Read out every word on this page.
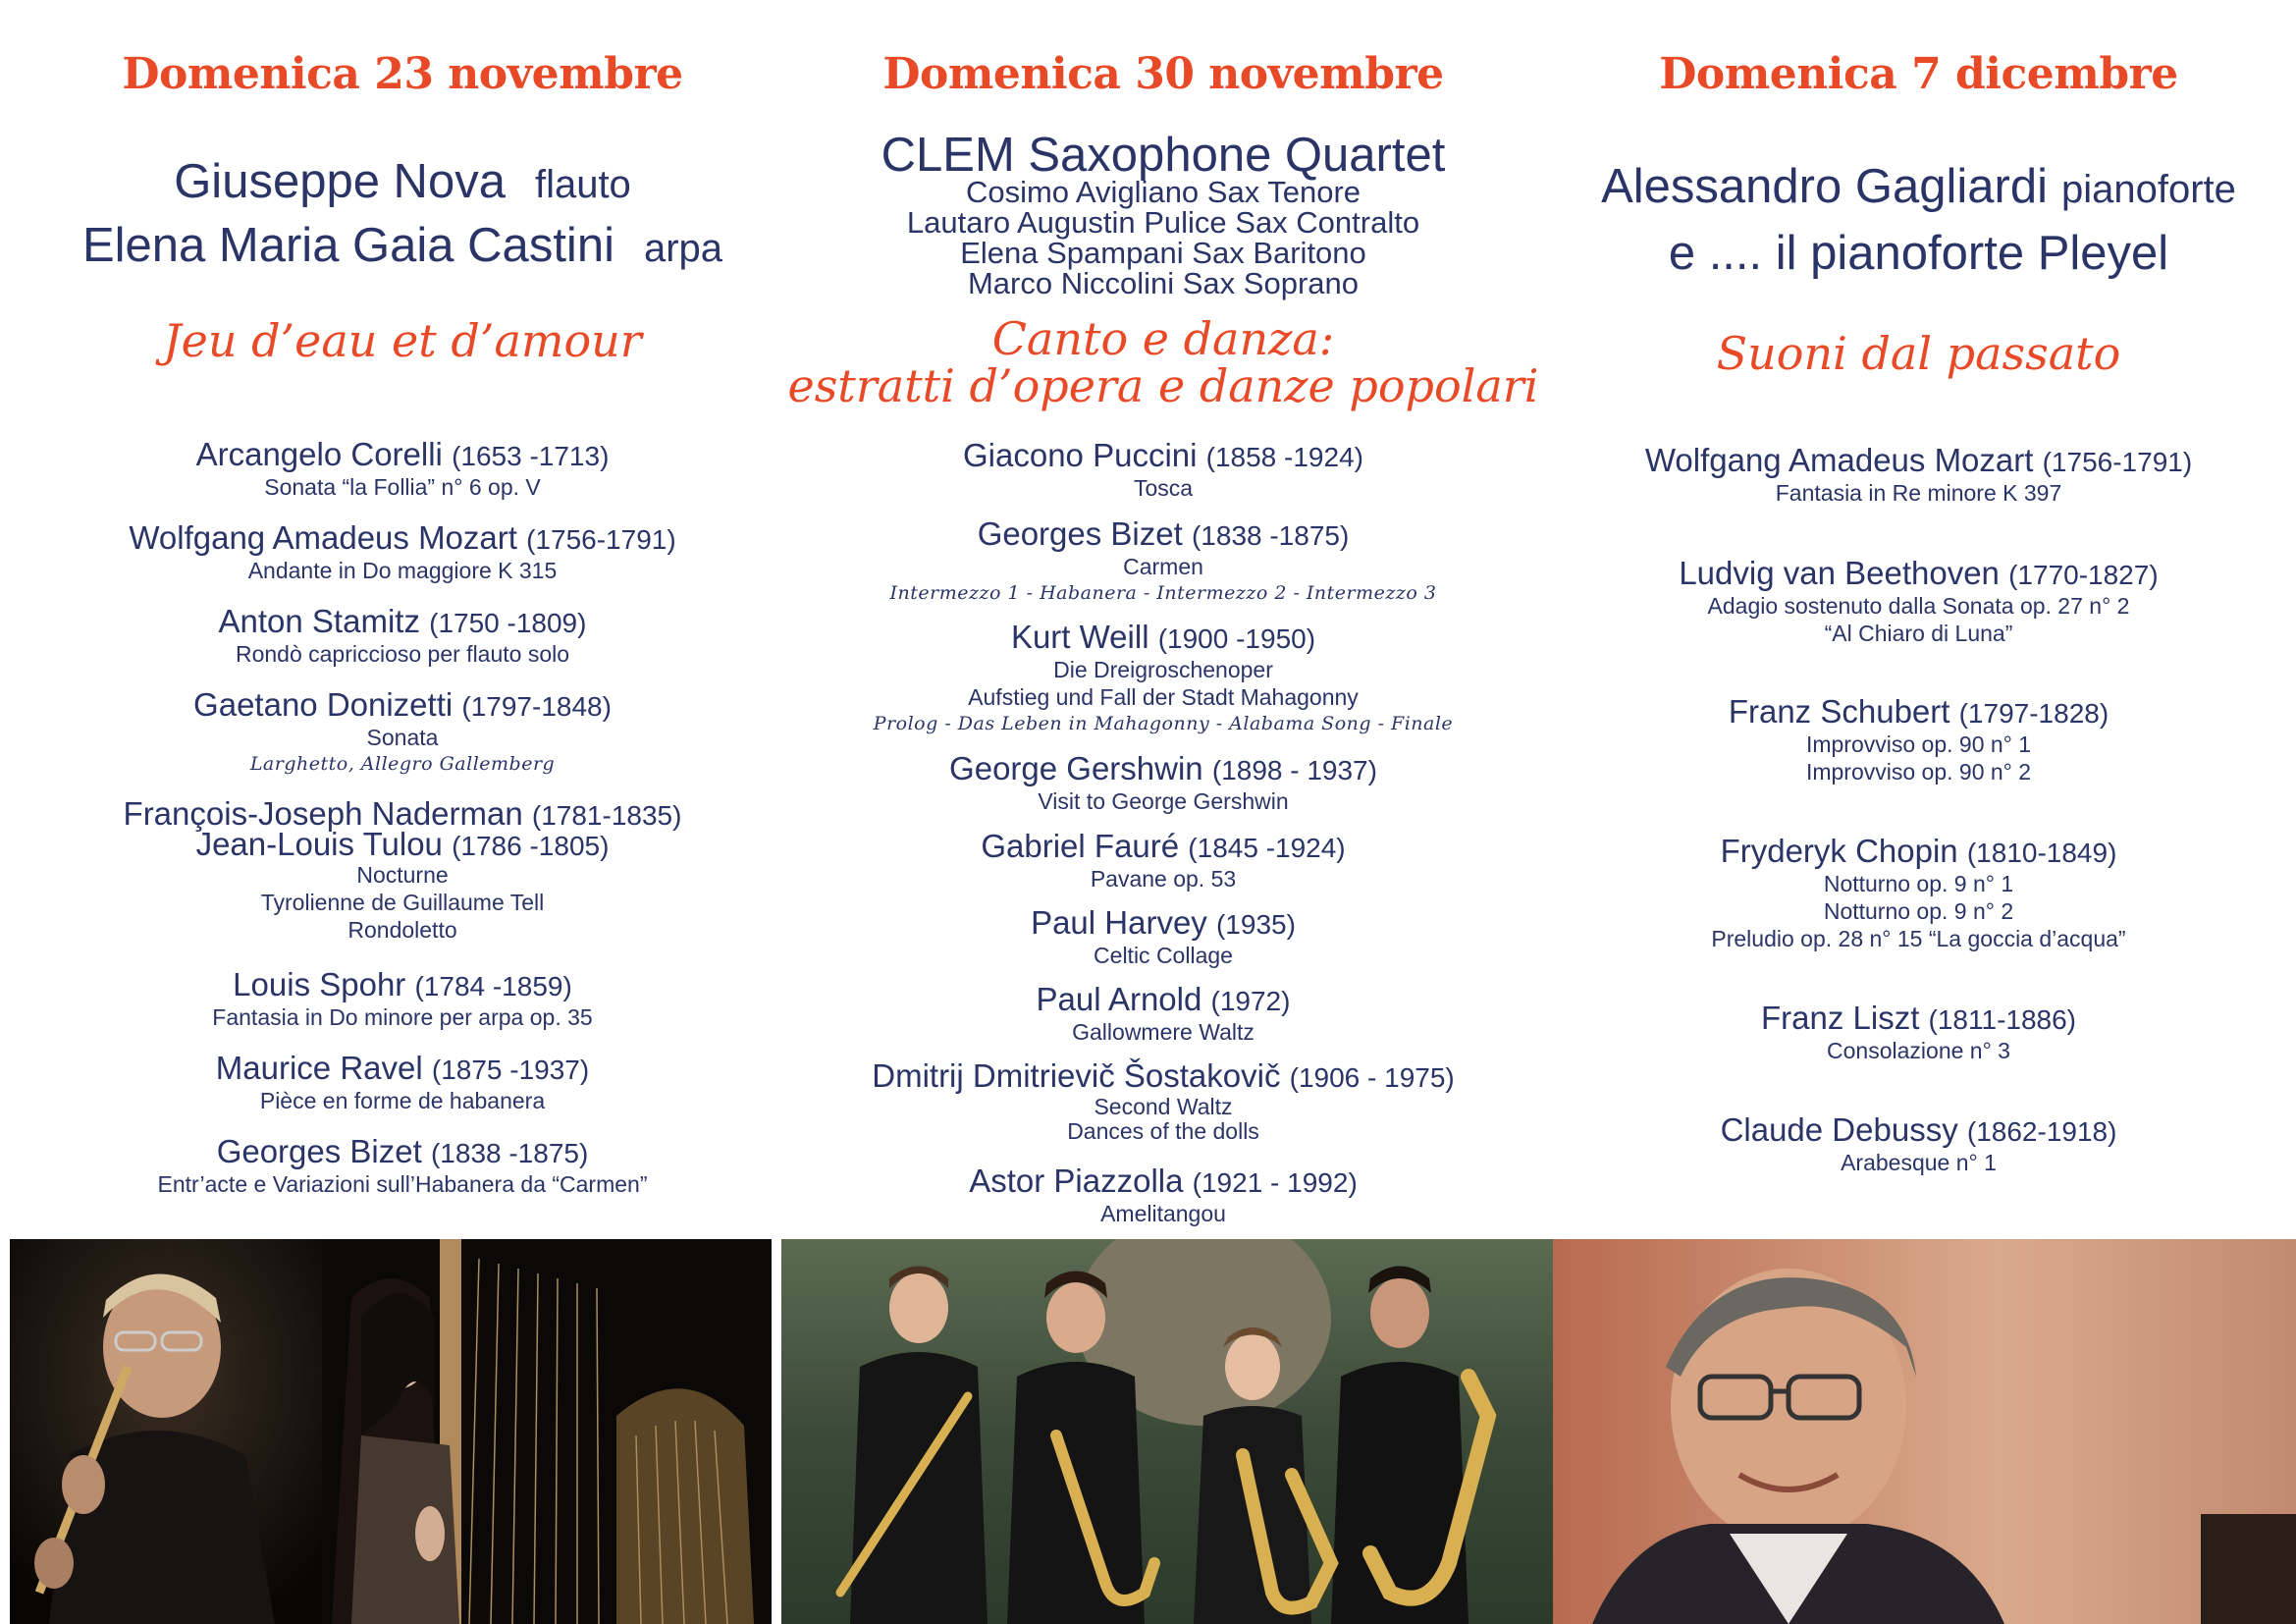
Domenica 23 novembre
Giuseppe Nova flauto
Elena Maria Gaia Castini arpa
Jeu d’eau et d’amour
Arcangelo Corelli (1653 -1713)
Sonata “la Follia” n° 6 op. V
Wolfgang Amadeus Mozart (1756-1791)
Andante in Do maggiore K 315
Anton Stamitz (1750 -1809)
Rondò capriccioso per flauto solo
Gaetano Donizetti (1797-1848)
Sonata
Larghetto, Allegro Gallemberg
François-Joseph Naderman (1781-1835)
Jean-Louis Tulou (1786 -1805)
Nocturne
Tyrolienne de Guillaume Tell
Rondoletto
Louis Spohr (1784 -1859)
Fantasia in Do minore per arpa op. 35
Maurice Ravel (1875 -1937)
Pièce en forme de habanera
Georges Bizet (1838 -1875)
Entr’acte e Variazioni sull’Habanera da “Carmen”
Domenica 30 novembre
CLEM Saxophone Quartet
Cosimo Avigliano Sax Tenore
Lautaro Augustin Pulice Sax Contralto
Elena Spampani Sax Baritono
Marco Niccolini Sax Soprano
Canto e danza:
estratti d’opera e danze popolari
Giacono Puccini (1858 -1924)
Tosca
Georges Bizet (1838 -1875)
Carmen
Intermezzo 1 - Habanera - Intermezzo 2 - Intermezzo 3
Kurt Weill (1900 -1950)
Die Dreigroschenoper
Aufstieg und Fall der Stadt Mahagonny
Prolog - Das Leben in Mahagonny - Alabama Song - Finale
George Gershwin (1898 - 1937)
Visit to George Gershwin
Gabriel Fauré (1845 -1924)
Pavane op. 53
Paul Harvey (1935)
Celtic Collage
Paul Arnold (1972)
Gallowmere Waltz
Dmitrij Dmitrievič Šostakovič (1906 - 1975)
Second Waltz
Dances of the dolls
Astor Piazzolla (1921 - 1992)
Amelitangou
Domenica 7 dicembre
Alessandro Gagliardi pianoforte
e .... il pianoforte Pleyel
Suoni dal passato
Wolfgang Amadeus Mozart (1756-1791)
Fantasia in Re minore K 397
Ludvig van Beethoven (1770-1827)
Adagio sostenuto dalla Sonata op. 27 n° 2
“Al Chiaro di Luna”
Franz Schubert (1797-1828)
Improvviso op. 90 n° 1
Improvviso op. 90 n° 2
Fryderyk Chopin (1810-1849)
Notturno op. 9 n° 1
Notturno op. 9 n° 2
Preludio op. 28 n° 15 “La goccia d’acqua”
Franz Liszt (1811-1886)
Consolazione n° 3
Claude Debussy (1862-1918)
Arabesque n° 1
